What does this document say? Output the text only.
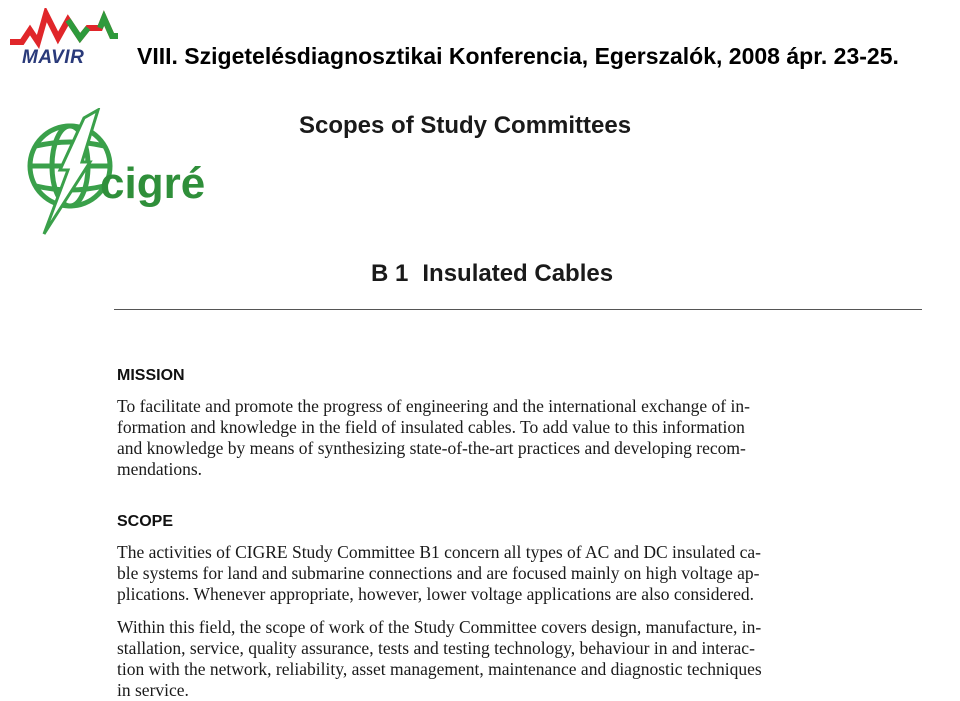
MAVIR VIII. Szigetelésdiagnosztikai Konferencia, Egerszalók, 2008 ápr. 23-25.
cigré
Scopes of Study Committees
B 1 Insulated Cables
MISSION
To facilitate and promote the progress of engineering and the international exchange of in-
formation and knowledge in the field of insulated cables. To add value to this information
and knowledge by means of synthesizing state-of-the-art practices and developing recom-
mendations.
SCOPE
The activities of CIGRE Study Committee B1 concern all types of AC and DC insulated ca-
ble systems for land and submarine connections and are focused mainly on high voltage ap-
plications. Whenever appropriate, however, lower voltage applications are also considered.
Within this field, the scope of work of the Study Committee covers design, manufacture, in-
stallation, service, quality assurance, tests and testing technology, behaviour in and interac-
tion with the network, reliability, asset management, maintenance and diagnostic techniques
in service.
